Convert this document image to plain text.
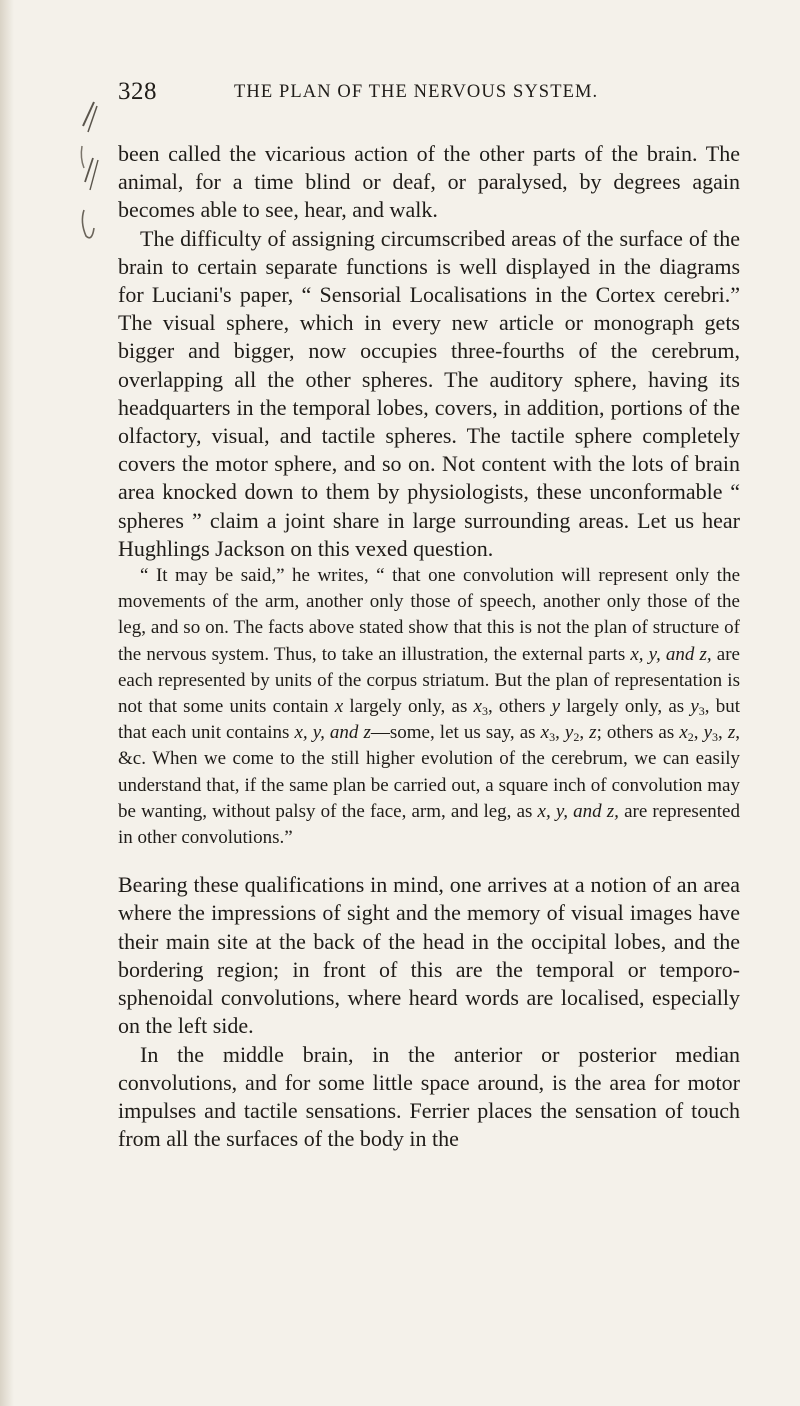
328	THE PLAN OF THE NERVOUS SYSTEM.

been called the vicarious action of the other parts of the brain. The animal, for a time blind or deaf, or paralysed, by degrees again becomes able to see, hear, and walk.

The difficulty of assigning circumscribed areas of the surface of the brain to certain separate functions is well displayed in the diagrams for Luciani's paper, “ Sensorial Localisations in the Cortex cerebri.” The visual sphere, which in every new article or monograph gets bigger and bigger, now occupies three-fourths of the cerebrum, overlapping all the other spheres. The auditory sphere, having its headquarters in the temporal lobes, covers, in addition, portions of the olfactory, visual, and tactile spheres. The tactile sphere completely covers the motor sphere, and so on. Not content with the lots of brain area knocked down to them by physiologists, these unconformable “ spheres ” claim a joint share in large surrounding areas. Let us hear Hughlings Jackson on this vexed question.

“ It may be said,” he writes, “ that one convolution will represent only the movements of the arm, another only those of speech, another only those of the leg, and so on. The facts above stated show that this is not the plan of structure of the nervous system. Thus, to take an illustration, the external parts x, y, and z, are each represented by units of the corpus striatum. But the plan of representation is not that some units contain x largely only, as $x_3$, others y largely only, as $y_3$, but that each unit contains x, y, and z—some, let us say, as $x_3$, $y_2$, z; others as $x_2$, $y_3$, z, &c. When we come to the still higher evolution of the cerebrum, we can easily understand that, if the same plan be carried out, a square inch of convolution may be wanting, without palsy of the face, arm, and leg, as x, y, and z, are represented in other convolutions.”

Bearing these qualifications in mind, one arrives at a notion of an area where the impressions of sight and the memory of visual images have their main site at the back of the head in the occipital lobes, and the bordering region; in front of this are the temporal or temporo-sphenoidal convolutions, where heard words are localised, especially on the left side.

In the middle brain, in the anterior or posterior median convolutions, and for some little space around, is the area for motor impulses and tactile sensations. Ferrier places the sensation of touch from all the surfaces of the body in the
